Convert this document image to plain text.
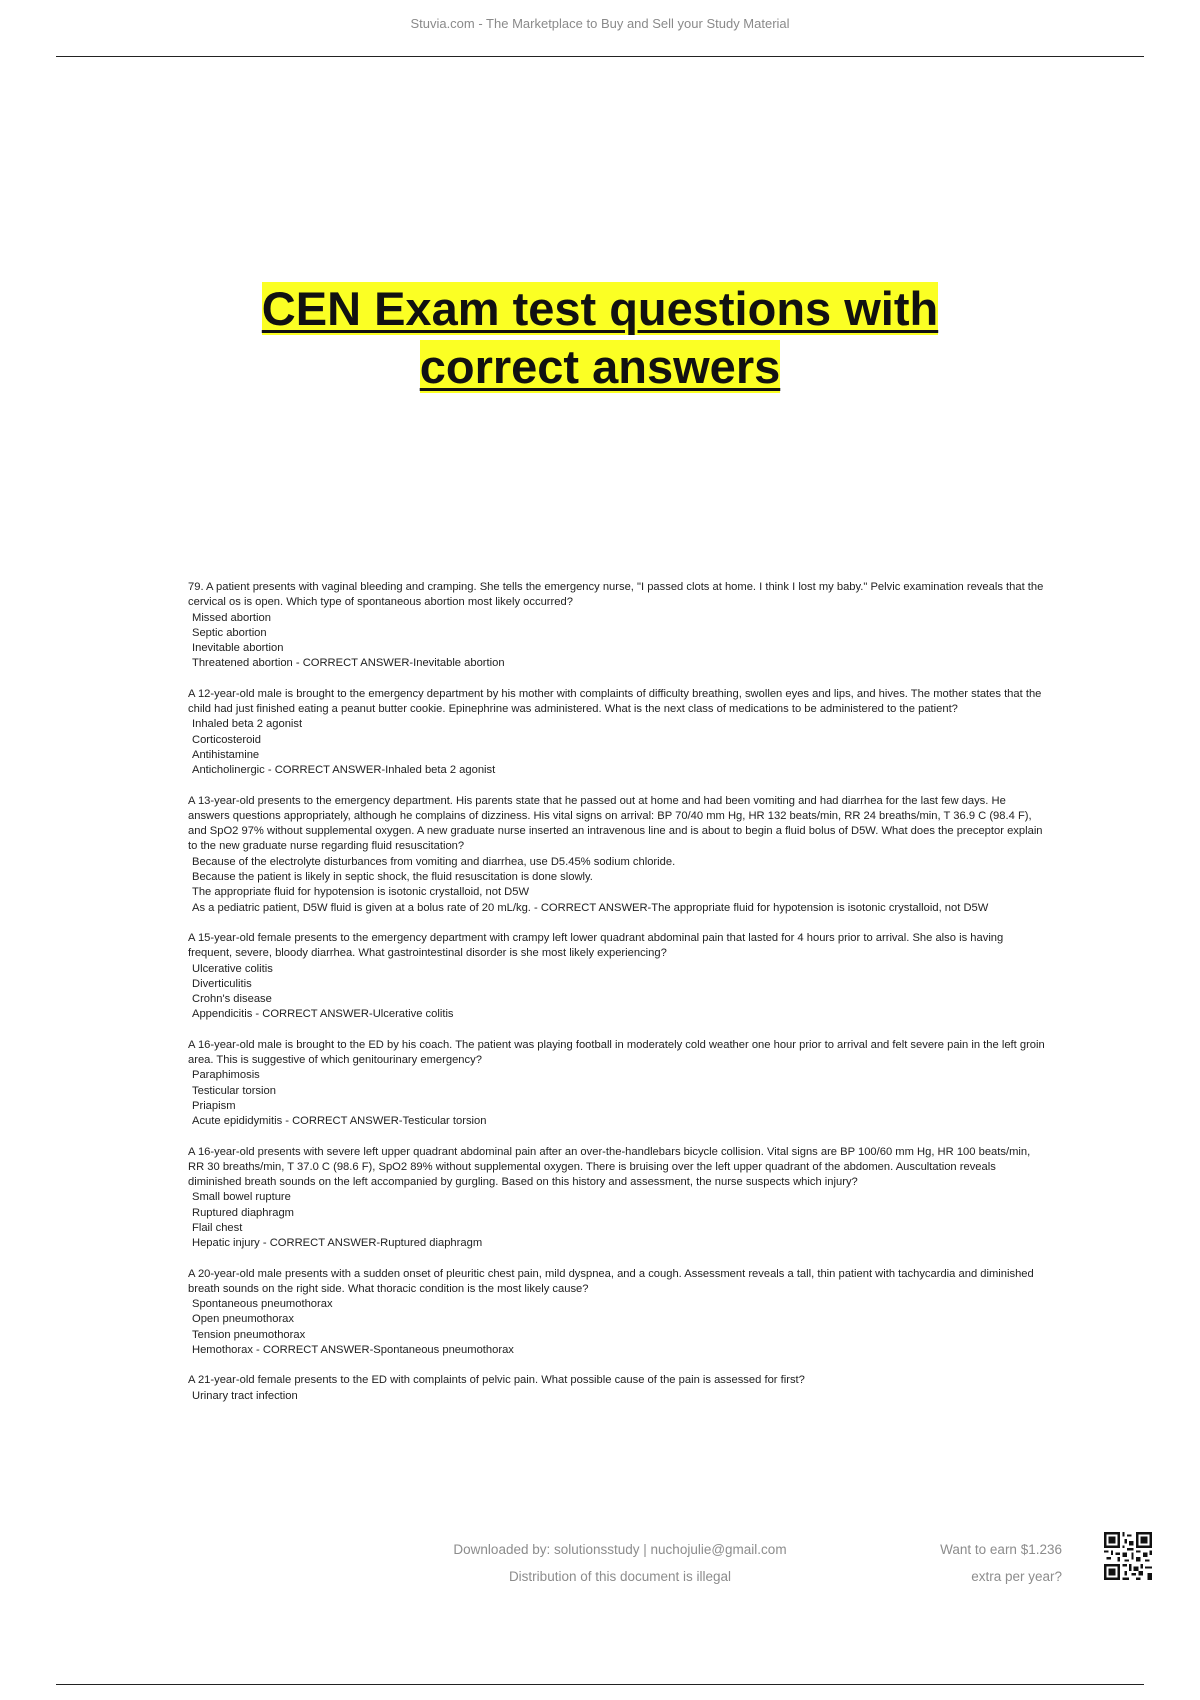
Stuvia.com - The Marketplace to Buy and Sell your Study Material
CEN Exam test questions with
correct answers

79. A patient presents with vaginal bleeding and cramping. She tells the emergency nurse, "I passed clots at home. I think I lost my baby." Pelvic examination reveals that the cervical os is open. Which type of spontaneous abortion most likely occurred?

Missed abortion
Septic abortion
Inevitable abortion
Threatened abortion - CORRECT ANSWER-Inevitable abortion

A 12-year-old male is brought to the emergency department by his mother with complaints of difficulty breathing, swollen eyes and lips, and hives. The mother states that the child had just finished eating a peanut butter cookie. Epinephrine was administered. What is the next class of medications to be administered to the patient?

Inhaled beta 2 agonist
Corticosteroid
Antihistamine
Anticholinergic - CORRECT ANSWER-Inhaled beta 2 agonist

A 13-year-old presents to the emergency department. His parents state that he passed out at home and had been vomiting and had diarrhea for the last few days. He answers questions appropriately, although he complains of dizziness. His vital signs on arrival: BP 70/40 mm Hg, HR 132 beats/min, RR 24 breaths/min, T 36.9 C (98.4 F), and SpO2 97% without supplemental oxygen. A new graduate nurse inserted an intravenous line and is about to begin a fluid bolus of D5W. What does the preceptor explain to the new graduate nurse regarding fluid resuscitation?

Because of the electrolyte disturbances from vomiting and diarrhea, use D5.45% sodium chloride.
Because the patient is likely in septic shock, the fluid resuscitation is done slowly.
The appropriate fluid for hypotension is isotonic crystalloid, not D5W
As a pediatric patient, D5W fluid is given at a bolus rate of 20 mL/kg. - CORRECT ANSWER-The appropriate fluid for hypotension is isotonic crystalloid, not D5W

A 15-year-old female presents to the emergency department with crampy left lower quadrant abdominal pain that lasted for 4 hours prior to arrival. She also is having frequent, severe, bloody diarrhea. What gastrointestinal disorder is she most likely experiencing?

Ulcerative colitis
Diverticulitis
Crohn's disease
Appendicitis - CORRECT ANSWER-Ulcerative colitis

A 16-year-old male is brought to the ED by his coach. The patient was playing football in moderately cold weather one hour prior to arrival and felt severe pain in the left groin area. This is suggestive of which genitourinary emergency?

Paraphimosis
Testicular torsion
Priapism
Acute epididymitis - CORRECT ANSWER-Testicular torsion

A 16-year-old presents with severe left upper quadrant abdominal pain after an over-the-handlebars bicycle collision. Vital signs are BP 100/60 mm Hg, HR 100 beats/min, RR 30 breaths/min, T 37.0 C (98.6 F), SpO2 89% without supplemental oxygen. There is bruising over the left upper quadrant of the abdomen. Auscultation reveals diminished breath sounds on the left accompanied by gurgling. Based on this history and assessment, the nurse suspects which injury?

Small bowel rupture
Ruptured diaphragm
Flail chest
Hepatic injury - CORRECT ANSWER-Ruptured diaphragm

A 20-year-old male presents with a sudden onset of pleuritic chest pain, mild dyspnea, and a cough. Assessment reveals a tall, thin patient with tachycardia and diminished breath sounds on the right side. What thoracic condition is the most likely cause?

Spontaneous pneumothorax
Open pneumothorax
Tension pneumothorax
Hemothorax - CORRECT ANSWER-Spontaneous pneumothorax

A 21-year-old female presents to the ED with complaints of pelvic pain. What possible cause of the pain is assessed for first?

Urinary tract infection
Downloaded by: solutionsstudy | nuchojulie@gmail.com
Distribution of this document is illegal
Want to earn $1.236
extra per year?
